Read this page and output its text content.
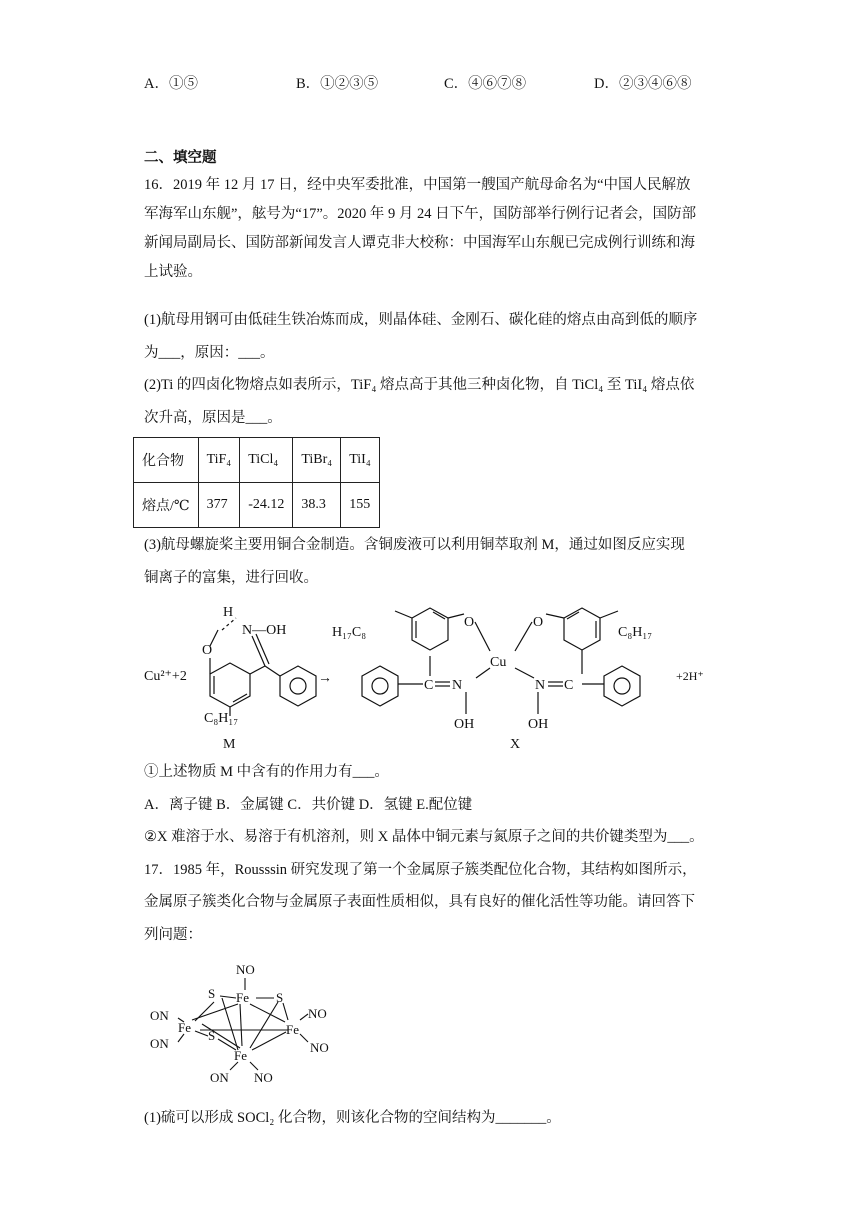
A．①⑤	B．①②③⑤	C．④⑥⑦⑧	D．②③④⑥⑧
二、填空题
16．2019 年 12 月 17 日，经中央军委批准，中国第一艘国产航母命名为“中国人民解放
军海军山东舰”，舷号为“17”。2020 年 9 月 24 日下午，国防部举行例行记者会，国防部
新闻局副局长、国防部新闻发言人谭克非大校称：中国海军山东舰已完成例行训练和海
上试验。
(1)航母用钢可由低硅生铁冶炼而成，则晶体硅、金刚石、碳化硅的熔点由高到低的顺序
为___，原因：___。
(2)Ti 的四卤化物熔点如表所示，TiF₄ 熔点高于其他三种卤化物，自 TiCl₄ 至 TiI₄ 熔点依
次升高，原因是___。
化合物	TiF₄	TiCl₄	TiBr₄	TiI₄
熔点/℃	377	-24.12	38.3	155
(3)航母螺旋桨主要用铜合金制造。含铜废液可以利用铜萃取剂 M，通过如图反应实现
铜离子的富集，进行回收。
Cu²⁺+2
H
O
N—OH
C₈H₁₇
M
→
H₁₇C₈
O
Cu
O
C₈H₁₇
C N	N C
OH	OH
X
+2H⁺
①上述物质 M 中含有的作用力有___。
A．离子键 B．金属键 C．共价键 D．氢键 E.配位键
②X 难溶于水、易溶于有机溶剂，则 X 晶体中铜元素与氮原子之间的共价键类型为___。
17．1985 年，Rousssin 研究发现了第一个金属原子簇类配位化合物，其结构如图所示，
金属原子簇类化合物与金属原子表面性质相似，具有良好的催化活性等功能。请回答下
列问题：
NO
Fe
S	S
ON
Fe
ON
S	Fe
NO
NO
Fe
ON NO
(1)硫可以形成 SOCl₂ 化合物，则该化合物的空间结构为_______。
